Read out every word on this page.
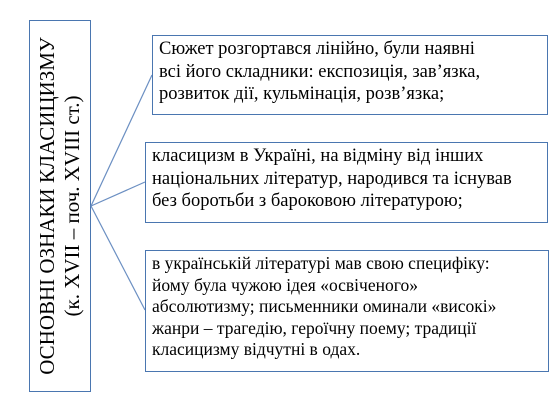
ОСНОВНІ ОЗНАКИ КЛАСИЦИЗМУ (к. XVII – поч. XVIII ст.)
Сюжет розгортався лінійно, були наявні
всі його складники: експозиція, зав’язка,
розвиток дії, кульмінація, розв’язка;
класицизм в Україні, на відміну від інших
національних літератур, народився та існував
без боротьби з бароковою літературою;
в українській літературі мав свою специфіку:
йому була чужою ідея «освіченого»
абсолютизму; письменники оминали «високі»
жанри – трагедію, героїчну поему; традиції
класицизму відчутні в одах.
